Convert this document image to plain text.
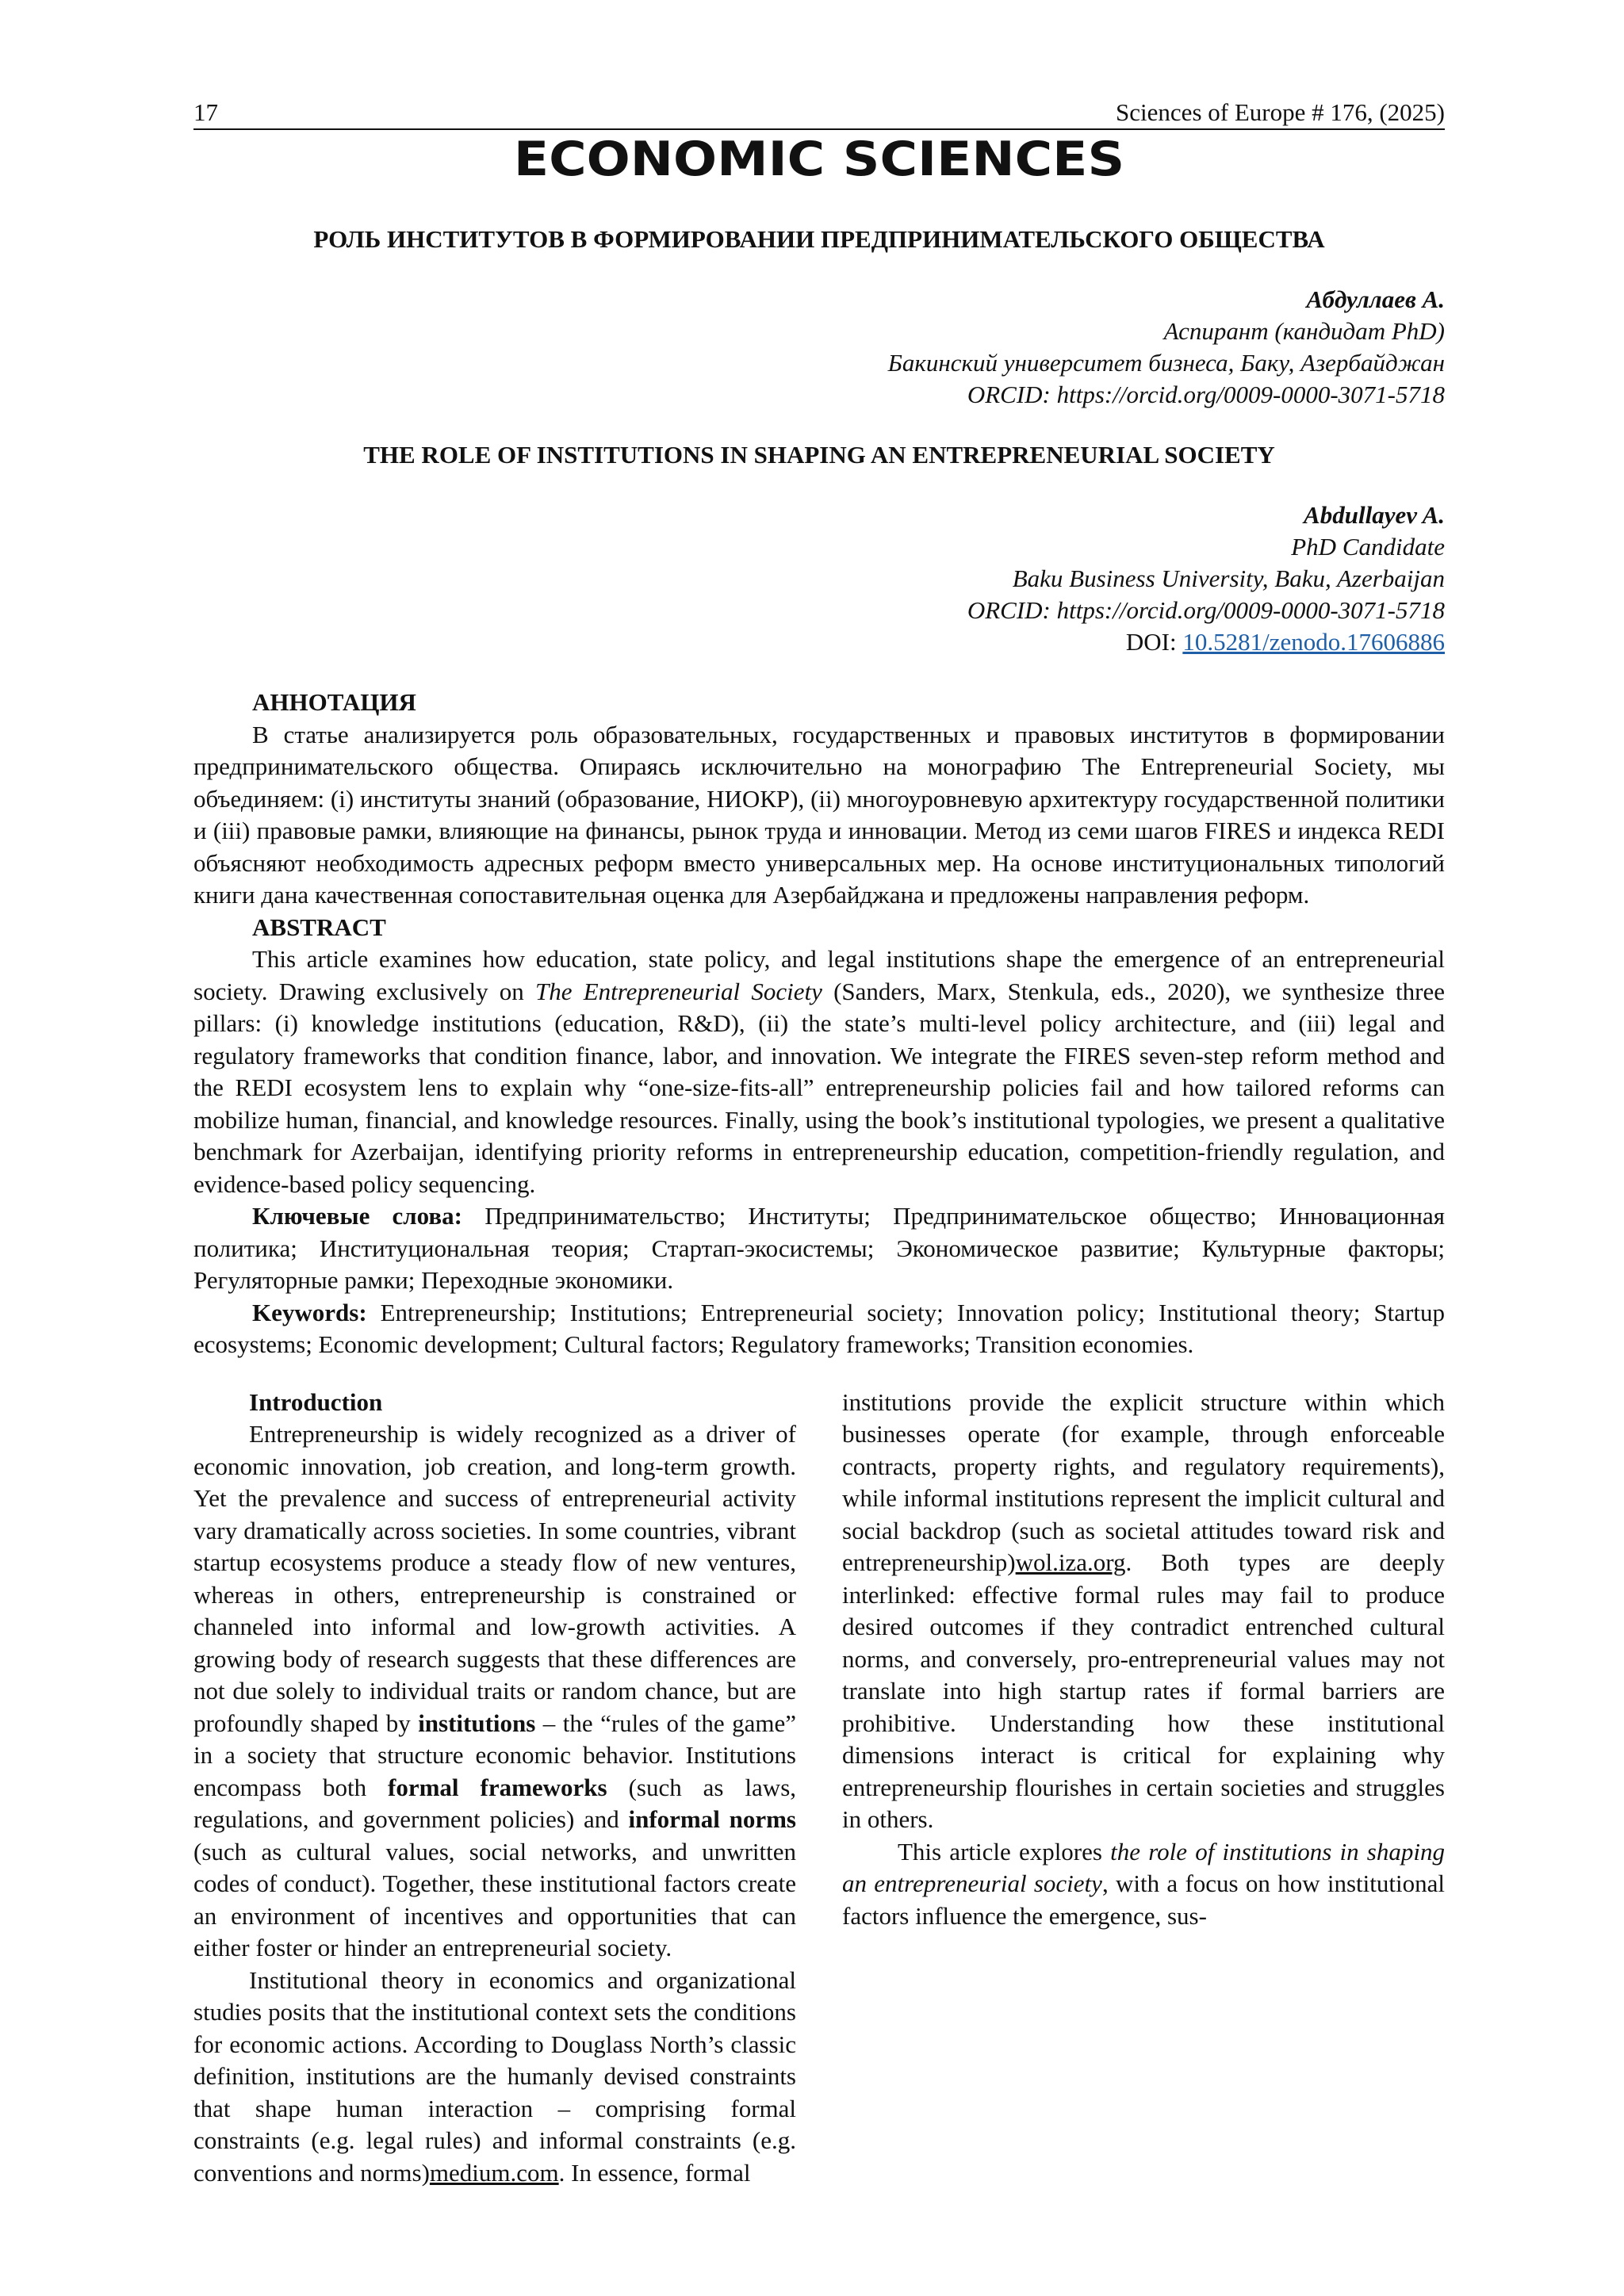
17	Sciences of Europe # 176, (2025)
ECONOMIC SCIENCES
РОЛЬ ИНСТИТУТОВ В ФОРМИРОВАНИИ ПРЕДПРИНИМАТЕЛЬСКОГО ОБЩЕСТВА
Абдуллаев А.
Аспирант (кандидат PhD)
Бакинский университет бизнеса, Баку, Азербайджан
ORCID: https://orcid.org/0009-0000-3071-5718
THE ROLE OF INSTITUTIONS IN SHAPING AN ENTREPRENEURIAL SOCIETY
Abdullayev A.
PhD Candidate
Baku Business University, Baku, Azerbaijan
ORCID: https://orcid.org/0009-0000-3071-5718
DOI: 10.5281/zenodo.17606886
АННОТАЦИЯ

В статье анализируется роль образовательных, государственных и правовых институтов в формировании предпринимательского общества. Опираясь исключительно на монографию The Entrepreneurial Society, мы объединяем: (i) институты знаний (образование, НИОКР), (ii) многоуровневую архитектуру государственной политики и (iii) правовые рамки, влияющие на финансы, рынок труда и инновации. Метод из семи шагов FIRES и индекса REDI объясняют необходимость адресных реформ вместо универсальных мер. На основе институциональных типологий книги дана качественная сопоставительная оценка для Азербайджана и предложены направления реформ.

ABSTRACT

This article examines how education, state policy, and legal institutions shape the emergence of an entrepreneurial society. Drawing exclusively on The Entrepreneurial Society (Sanders, Marx, Stenkula, eds., 2020), we synthesize three pillars: (i) knowledge institutions (education, R&D), (ii) the state’s multi-level policy architecture, and (iii) legal and regulatory frameworks that condition finance, labor, and innovation. We integrate the FIRES seven-step reform method and the REDI ecosystem lens to explain why “one-size-fits-all” entrepreneurship policies fail and how tailored reforms can mobilize human, financial, and knowledge resources. Finally, using the book’s institutional typologies, we present a qualitative benchmark for Azerbaijan, identifying priority reforms in entrepreneurship education, competition-friendly regulation, and evidence-based policy sequencing.

Ключевые слова: Предпринимательство; Институты; Предпринимательское общество; Инновационная политика; Институциональная теория; Стартап-экосистемы; Экономическое развитие; Культурные факторы; Регуляторные рамки; Переходные экономики.

Keywords: Entrepreneurship; Institutions; Entrepreneurial society; Innovation policy; Institutional theory; Startup ecosystems; Economic development; Cultural factors; Regulatory frameworks; Transition economies.

Introduction

Entrepreneurship is widely recognized as a driver of economic innovation, job creation, and long-term growth. Yet the prevalence and success of entrepreneurial activity vary dramatically across societies. In some countries, vibrant startup ecosystems produce a steady flow of new ventures, whereas in others, entrepreneurship is constrained or channeled into informal and low-growth activities. A growing body of research suggests that these differences are not due solely to individual traits or random chance, but are profoundly shaped by institutions – the “rules of the game” in a society that structure economic behavior. Institutions encompass both formal frameworks (such as laws, regulations, and government policies) and informal norms (such as cultural values, social networks, and unwritten codes of conduct). Together, these institutional factors create an environment of incentives and opportunities that can either foster or hinder an entrepreneurial society.

Institutional theory in economics and organizational studies posits that the institutional context sets the conditions for economic actions. According to Douglass North’s classic definition, institutions are the humanly devised constraints that shape human interaction – comprising formal constraints (e.g. legal rules) and informal constraints (e.g. conventions and norms)medium.com. In essence, formal

institutions provide the explicit structure within which businesses operate (for example, through enforceable contracts, property rights, and regulatory requirements), while informal institutions represent the implicit cultural and social backdrop (such as societal attitudes toward risk and entrepreneurship)wol.iza.org. Both types are deeply interlinked: effective formal rules may fail to produce desired outcomes if they contradict entrenched cultural norms, and conversely, pro-entrepreneurial values may not translate into high startup rates if formal barriers are prohibitive. Understanding how these institutional dimensions interact is critical for explaining why entrepreneurship flourishes in certain societies and struggles in others.

This article explores the role of institutions in shaping an entrepreneurial society, with a focus on how institutional factors influence the emergence, sus-
